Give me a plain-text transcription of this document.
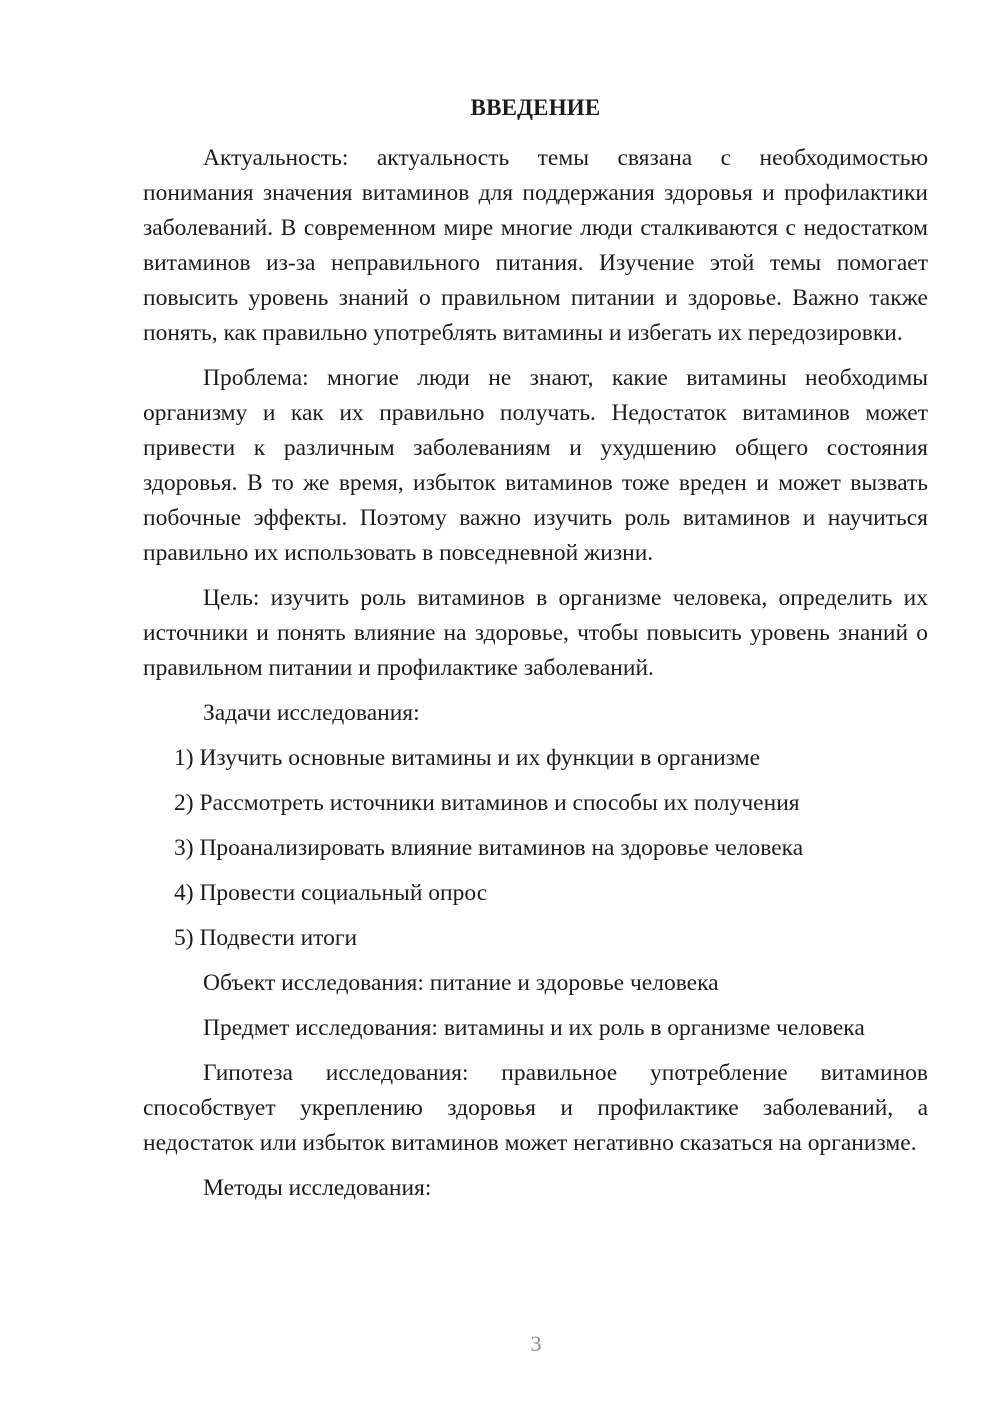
ВВЕДЕНИЕ

Актуальность: актуальность темы связана с необходимостью понимания значения витаминов для поддержания здоровья и профилактики заболеваний. В современном мире многие люди сталкиваются с недостатком витаминов из-за неправильного питания. Изучение этой темы помогает повысить уровень знаний о правильном питании и здоровье. Важно также понять, как правильно употреблять витамины и избегать их передозировки.

Проблема: многие люди не знают, какие витамины необходимы организму и как их правильно получать. Недостаток витаминов может привести к различным заболеваниям и ухудшению общего состояния здоровья. В то же время, избыток витаминов тоже вреден и может вызвать побочные эффекты. Поэтому важно изучить роль витаминов и научиться правильно их использовать в повседневной жизни.

Цель: изучить роль витаминов в организме человека, определить их источники и понять влияние на здоровье, чтобы повысить уровень знаний о правильном питании и профилактике заболеваний.

Задачи исследования:
1) Изучить основные витамины и их функции в организме
2) Рассмотреть источники витаминов и способы их получения
3) Проанализировать влияние витаминов на здоровье человека
4) Провести социальный опрос
5) Подвести итоги
Объект исследования: питание и здоровье человека
Предмет исследования: витамины и их роль в организме человека

Гипотеза исследования: правильное употребление витаминов способствует укреплению здоровья и профилактике заболеваний, а недостаток или избыток витаминов может негативно сказаться на организме.

Методы исследования:
3
